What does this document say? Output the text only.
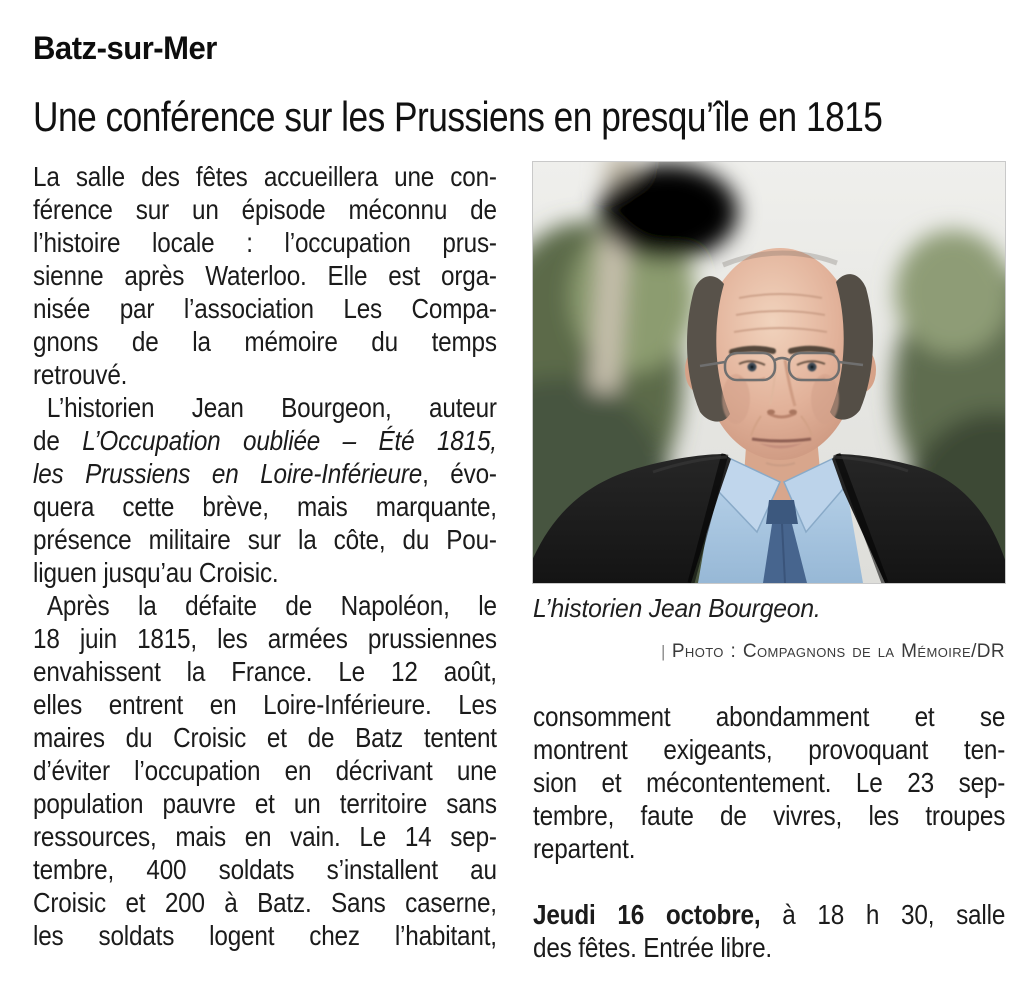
Batz-sur-Mer
Une conférence sur les Prussiens en presqu’île en 1815
La salle des fêtes accueillera une con-
férence sur un épisode méconnu de
l’histoire locale : l’occupation prus-
sienne après Waterloo. Elle est orga-
nisée par l’association Les Compa-
gnons de la mémoire du temps
retrouvé.
L’historien Jean Bourgeon, auteur
de L’Occupation oubliée – Été 1815,
les Prussiens en Loire-Inférieure, évo-
quera cette brève, mais marquante,
présence militaire sur la côte, du Pou-
liguen jusqu’au Croisic.
Après la défaite de Napoléon, le
18 juin 1815, les armées prussiennes
envahissent la France. Le 12 août,
elles entrent en Loire-Inférieure. Les
maires du Croisic et de Batz tentent
d’éviter l’occupation en décrivant une
population pauvre et un territoire sans
ressources, mais en vain. Le 14 sep-
tembre, 400 soldats s’installent au
Croisic et 200 à Batz. Sans caserne,
les soldats logent chez l’habitant,
L’historien Jean Bourgeon.
| Photo : Compagnons de la Mémoire/DR
consomment abondamment et se
montrent exigeants, provoquant ten-
sion et mécontentement. Le 23 sep-
tembre, faute de vivres, les troupes
repartent.
Jeudi 16 octobre, à 18 h 30, salle
des fêtes. Entrée libre.
